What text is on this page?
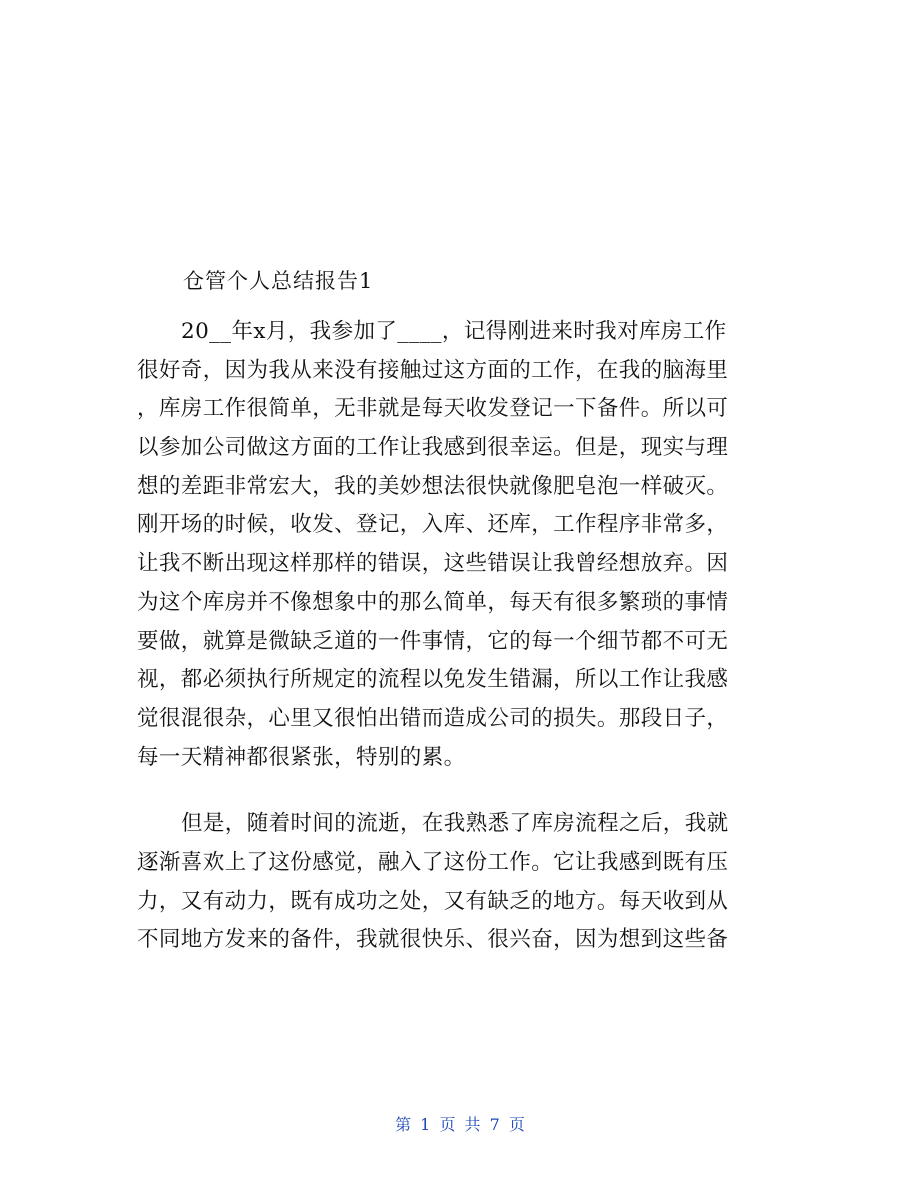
仓管个人总结报告1
20__年x月，我参加了____，记得刚进来时我对库房工作
很好奇，因为我从来没有接触过这方面的工作，在我的脑海里
，库房工作很简单，无非就是每天收发登记一下备件。所以可
以参加公司做这方面的工作让我感到很幸运。但是，现实与理
想的差距非常宏大，我的美妙想法很快就像肥皂泡一样破灭。
刚开场的时候，收发、登记，入库、还库，工作程序非常多，
让我不断出现这样那样的错误，这些错误让我曾经想放弃。因
为这个库房并不像想象中的那么简单，每天有很多繁琐的事情
要做，就算是微缺乏道的一件事情，它的每一个细节都不可无
视，都必须执行所规定的流程以免发生错漏，所以工作让我感
觉很混很杂，心里又很怕出错而造成公司的损失。那段日子，
每一天精神都很紧张，特别的累。
但是，随着时间的流逝，在我熟悉了库房流程之后，我就
逐渐喜欢上了这份感觉，融入了这份工作。它让我感到既有压
力，又有动力，既有成功之处，又有缺乏的地方。每天收到从
不同地方发来的备件，我就很快乐、很兴奋，因为想到这些备
第 1 页 共 7 页
